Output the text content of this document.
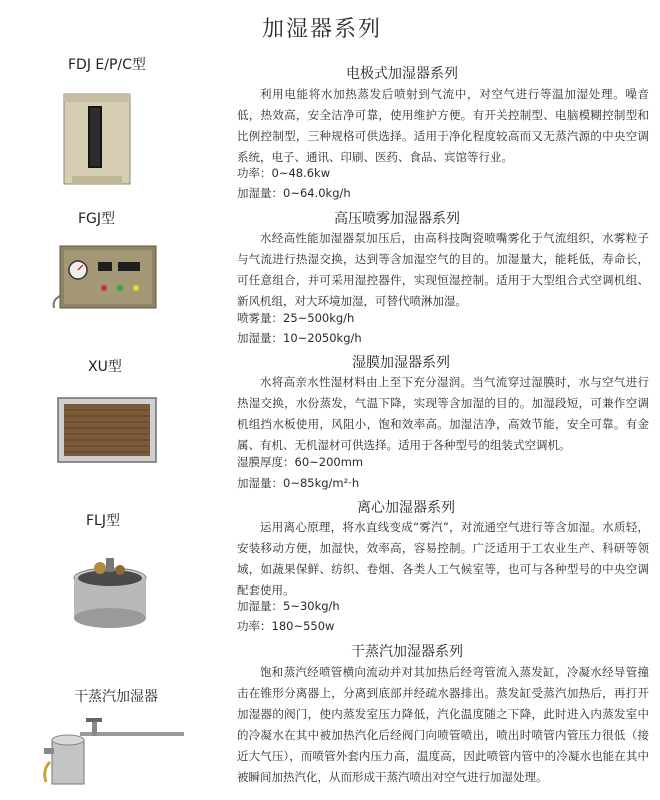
加湿器系列
FDJ E/P/C型
电极式加湿器系列

利用电能将水加热蒸发后喷射到气流中，对空气进行等温加湿处理。噪音低，热效高，安全洁净可靠，使用维护方便。有开关控制型、电脑模糊控制型和比例控制型，三种规格可供选择。适用于净化程度较高而又无蒸汽源的中央空调系统，电子、通讯、印刷、医药、食品、宾馆等行业。

功率：0~48.6kw
加湿量：0~64.0kg/h
FGJ型	高压喷雾加湿器系列

水经高性能加湿器泵加压后，由高科技陶瓷喷嘴雾化于气流组织，水雾粒子与气流进行热湿交换，达到等含加湿空气的目的。加湿量大，能耗低，寿命长，可任意组合，并可采用湿控器件，实现恒湿控制。适用于大型组合式空调机组、新风机组，对大环境加湿，可替代喷淋加湿。

喷雾量：25~500kg/h
加湿量：10~2050kg/h
XU型	湿膜加湿器系列

水将高亲水性湿材料由上至下充分湿润。当气流穿过湿膜时，水与空气进行热湿交换，水份蒸发，气温下降，实现等含加湿的目的。加湿段短，可兼作空调机组挡水板使用，风阻小，饱和效率高。加湿洁净，高效节能，安全可靠。有金属、有机、无机湿材可供选择。适用于各种型号的组装式空调机。

湿膜厚度：60~200mm
加湿量：0~85kg/m²·h
FLJ型
离心加湿器系列

运用离心原理，将水直线变成“雾汽”，对流通空气进行等含加湿。水质轻，安装移动方便，加湿快，效率高，容易控制。广泛适用于工农业生产、科研等领域，如蔬果保鲜、纺织、卷烟、各类人工气候室等，也可与各种型号的中央空调配套使用。

加湿量：5~30kg/h
功率：180~550w
干蒸汽加湿器
干蒸汽加湿器系列

饱和蒸汽经喷管横向流动并对其加热后经弯管流入蒸发缸，冷凝水经导管撞击在锥形分离器上，分离到底部并经疏水器排出。蒸发缸受蒸汽加热后，再打开加湿器的阀门，使内蒸发室压力降低，汽化温度随之下降，此时进入内蒸发室中的冷凝水在其中被加热汽化后经阀门向喷管喷出，喷出时喷管内管压力很低（接近大气压），而喷管外套内压力高，温度高，因此喷管内管中的冷凝水也能在其中被瞬间加热汽化，从而形成干蒸汽喷出对空气进行加湿处理。
